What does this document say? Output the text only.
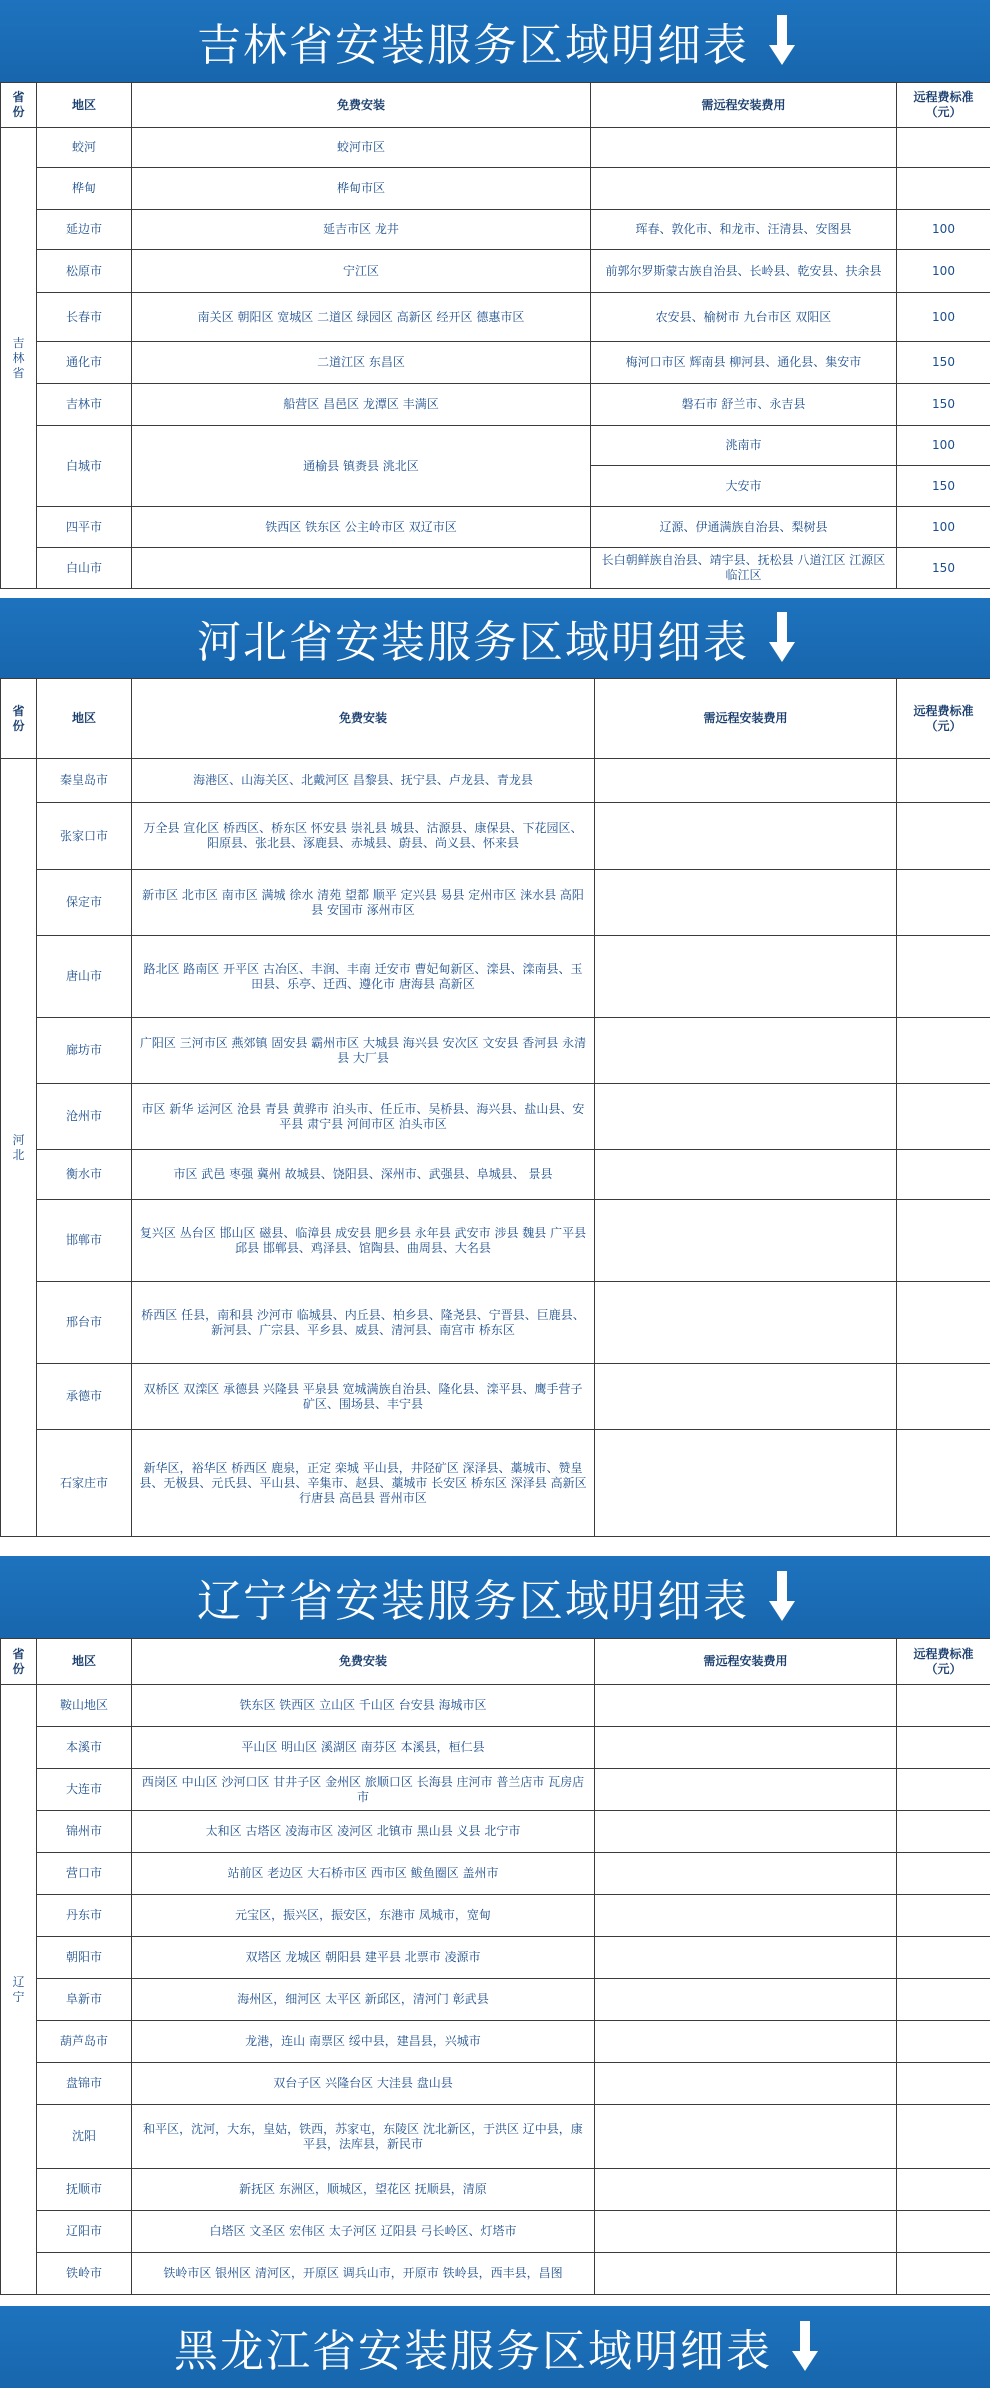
吉林省安装服务区域明细表
省份	地区	免费安装	需远程安装费用	远程费标准（元）
吉林省	蛟河	蛟河市区		
	桦甸	桦甸市区		
	延边市	延吉市区 龙井	珲春、敦化市、和龙市、汪清县、安图县	100
	松原市	宁江区	前郭尔罗斯蒙古族自治县、长岭县、乾安县、扶余县	100
	长春市	南关区 朝阳区 宽城区 二道区 绿园区 高新区 经开区 德惠市区	农安县、榆树市 九台市区 双阳区	100
	通化市	二道江区 东昌区	梅河口市区 辉南县 柳河县、通化县、集安市	150
	吉林市	船营区 昌邑区 龙潭区 丰满区	磐石市 舒兰市、永吉县	150
	白城市	通榆县 镇赉县 洮北区	洮南市	100
			大安市	150
	四平市	铁西区 铁东区 公主岭市区 双辽市区	辽源、伊通满族自治县、梨树县	100
	白山市		长白朝鲜族自治县、靖宇县、抚松县 八道江区 江源区 临江区	150
河北省安装服务区域明细表
省份	地区	免费安装	需远程安装费用	远程费标准（元）
河北	秦皇岛市	海港区、山海关区、北戴河区 昌黎县、抚宁县、卢龙县、青龙县		
	张家口市	万全县 宣化区 桥西区、桥东区 怀安县 崇礼县 城县、沽源县、康保县、下花园区、阳原县、张北县、涿鹿县、赤城县、蔚县、尚义县、怀来县		
	保定市	新市区 北市区 南市区 满城 徐水 清苑 望都 顺平 定兴县 易县 定州市区 涞水县 高阳县 安国市 涿州市区		
	唐山市	路北区 路南区 开平区 古冶区、丰润、丰南 迁安市 曹妃甸新区、滦县、滦南县、玉田县、乐亭、迁西、遵化市 唐海县 高新区		
	廊坊市	广阳区 三河市区 燕郊镇 固安县 霸州市区 大城县 海兴县 安次区 文安县 香河县 永清县 大厂县		
	沧州市	市区 新华 运河区 沧县 青县 黄骅市 泊头市、任丘市、吴桥县、海兴县、盐山县、安平县 肃宁县 河间市区 泊头市区		
	衡水市	市区 武邑 枣强 冀州 故城县、饶阳县、深州市、武强县、阜城县、 景县		
	邯郸市	复兴区 丛台区 邯山区 磁县、临漳县 成安县 肥乡县 永年县 武安市 涉县 魏县 广平县 邱县 邯郸县、鸡泽县、馆陶县、曲周县、大名县		
	邢台市	桥西区 任县，南和县 沙河市 临城县、内丘县、柏乡县、隆尧县、宁晋县、巨鹿县、新河县、广宗县、平乡县、威县、清河县、南宫市 桥东区		
	承德市	双桥区 双滦区 承德县 兴隆县 平泉县 宽城满族自治县、隆化县、滦平县、鹰手营子矿区、围场县、丰宁县		
	石家庄市	新华区，裕华区 桥西区 鹿泉，正定 栾城 平山县，井陉矿区 深泽县、藁城市、赞皇县、无极县、元氏县、平山县、辛集市、赵县、藁城市 长安区 桥东区 深泽县 高新区 行唐县 高邑县 晋州市区		
辽宁省安装服务区域明细表
省份	地区	免费安装	需远程安装费用	远程费标准（元）
辽宁	鞍山地区	铁东区 铁西区 立山区 千山区 台安县 海城市区		
	本溪市	平山区 明山区 溪湖区 南芬区 本溪县，桓仁县		
	大连市	西岗区 中山区 沙河口区 甘井子区 金州区 旅顺口区 长海县 庄河市 普兰店市 瓦房店市		
	锦州市	太和区 古塔区 凌海市区 凌河区 北镇市 黑山县 义县 北宁市		
	营口市	站前区 老边区 大石桥市区 西市区 鲅鱼圈区 盖州市		
	丹东市	元宝区，振兴区，振安区，东港市 凤城市，宽甸		
	朝阳市	双塔区 龙城区 朝阳县 建平县 北票市 凌源市		
	阜新市	海州区，细河区 太平区 新邱区，清河门 彰武县		
	葫芦岛市	龙港，连山 南票区 绥中县，建昌县，兴城市		
	盘锦市	双台子区 兴隆台区 大洼县 盘山县		
	沈阳	和平区，沈河，大东，皇姑，铁西，苏家屯，东陵区 沈北新区，于洪区 辽中县，康平县，法库县，新民市		
	抚顺市	新抚区 东洲区，顺城区，望花区 抚顺县，清原		
	辽阳市	白塔区 文圣区 宏伟区 太子河区 辽阳县 弓长岭区、灯塔市		
	铁岭市	铁岭市区 银州区 清河区，开原区 调兵山市，开原市 铁岭县，西丰县，昌图		
黑龙江省安装服务区域明细表
